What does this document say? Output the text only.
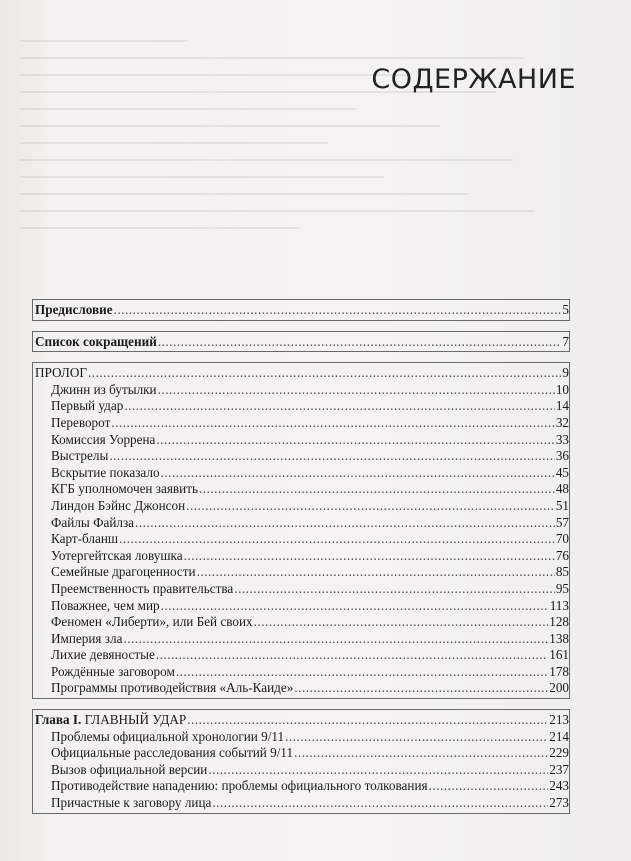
СОДЕРЖАНИЕ
Предисловие .....	5
Список сокращений .....	7
ПРОЛОГ .....	9
Джинн из бутылки .....	10
Первый удар .....	14
Переворот .....	32
Комиссия Уоррена .....	33
Выстрелы .....	36
Вскрытие показало .....	45
КГБ уполномочен заявить .....	48
Линдон Бэйнс Джонсон .....	51
Файлы Файлза .....	57
Карт-бланш .....	70
Уотергейтская ловушка .....	76
Семейные драгоценности .....	85
Преемственность правительства .....	95
Поважнее, чем мир .....	113
Феномен «Либерти», или Бей своих .....	128
Империя зла .....	138
Лихие девяностые .....	161
Рождённые заговором .....	178
Программы противодействия «Аль-Каиде» .....	200
Глава I. ГЛАВНЫЙ УДАР .....	213
Проблемы официальной хронологии 9/11 .....	214
Официальные расследования событий 9/11 .....	229
Вызов официальной версии .....	237
Противодействие нападению: проблемы официального толкования .....	243
Причастные к заговору лица .....	273
